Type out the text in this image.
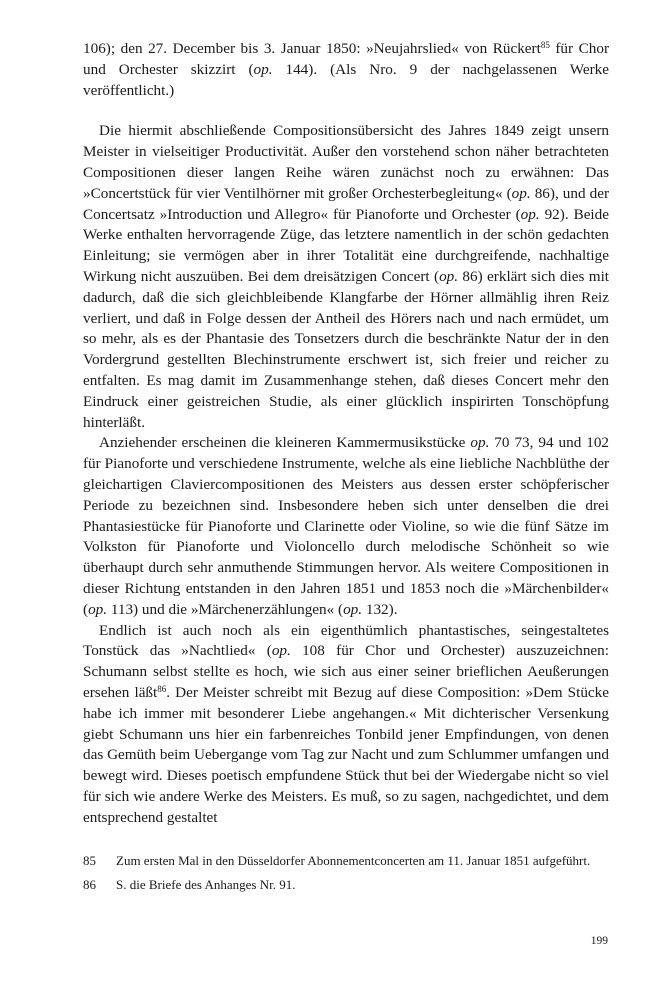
106); den 27. December bis 3. Januar 1850: »Neujahrslied« von Rückert$^{85}$ für Chor und Orchester skizzirt (op. 144). (Als Nro. 9 der nachgelassenen Werke veröffentlicht.)

Die hiermit abschließende Compositionsübersicht des Jahres 1849 zeigt unsern Meister in vielseitiger Productivität. Außer den vorstehend schon näher betrachteten Compositionen dieser langen Reihe wären zunächst noch zu erwähnen: Das »Concertstück für vier Ventilhörner mit großer Orchesterbegleitung« (op. 86), und der Concertsatz »Introduction und Allegro« für Pianoforte und Orchester (op. 92). Beide Werke enthalten hervorragende Züge, das letztere namentlich in der schön gedachten Einleitung; sie vermögen aber in ihrer Totalität eine durchgreifende, nachhaltige Wirkung nicht auszuüben. Bei dem dreisätzigen Concert (op. 86) erklärt sich dies mit dadurch, daß die sich gleichbleibende Klangfarbe der Hörner allmählig ihren Reiz verliert, und daß in Folge dessen der Antheil des Hörers nach und nach ermüdet, um so mehr, als es der Phantasie des Tonsetzers durch die beschränkte Natur der in den Vordergrund gestellten Blechinstrumente erschwert ist, sich freier und reicher zu entfalten. Es mag damit im Zusammenhange stehen, daß dieses Concert mehr den Eindruck einer geistreichen Studie, als einer glücklich inspirirten Tonschöpfung hinterläßt.

Anziehender erscheinen die kleineren Kammermusikstücke op. 70 73, 94 und 102 für Pianoforte und verschiedene Instrumente, welche als eine liebliche Nachblüthe der gleichartigen Claviercompositionen des Meisters aus dessen erster schöpferischer Periode zu bezeichnen sind. Insbesondere heben sich unter denselben die drei Phantasiestücke für Pianoforte und Clarinette oder Violine, so wie die fünf Sätze im Volkston für Pianoforte und Violoncello durch melodische Schönheit so wie überhaupt durch sehr anmuthende Stimmungen hervor. Als weitere Compositionen in dieser Richtung entstanden in den Jahren 1851 und 1853 noch die »Märchenbilder« (op. 113) und die »Märchenerzählungen« (op. 132).

Endlich ist auch noch als ein eigenthümlich phantastisches, seingestaltetes Tonstück das »Nachtlied« (op. 108 für Chor und Orchester) auszuzeichnen: Schumann selbst stellte es hoch, wie sich aus einer seiner brieflichen Aeußerungen ersehen läßt$^{86}$. Der Meister schreibt mit Bezug auf diese Composition: »Dem Stücke habe ich immer mit besonderer Liebe angehangen.« Mit dichterischer Versenkung giebt Schumann uns hier ein farbenreiches Tonbild jener Empfindungen, von denen das Gemüth beim Uebergange vom Tag zur Nacht und zum Schlummer umfangen und bewegt wird. Dieses poetisch empfundene Stück thut bei der Wiedergabe nicht so viel für sich wie andere Werke des Meisters. Es muß, so zu sagen, nachgedichtet, und dem entsprechend gestaltet

85	Zum ersten Mal in den Düsseldorfer Abonnementconcerten am 11. Januar 1851 aufgeführt.
86	S. die Briefe des Anhanges Nr. 91.
199
